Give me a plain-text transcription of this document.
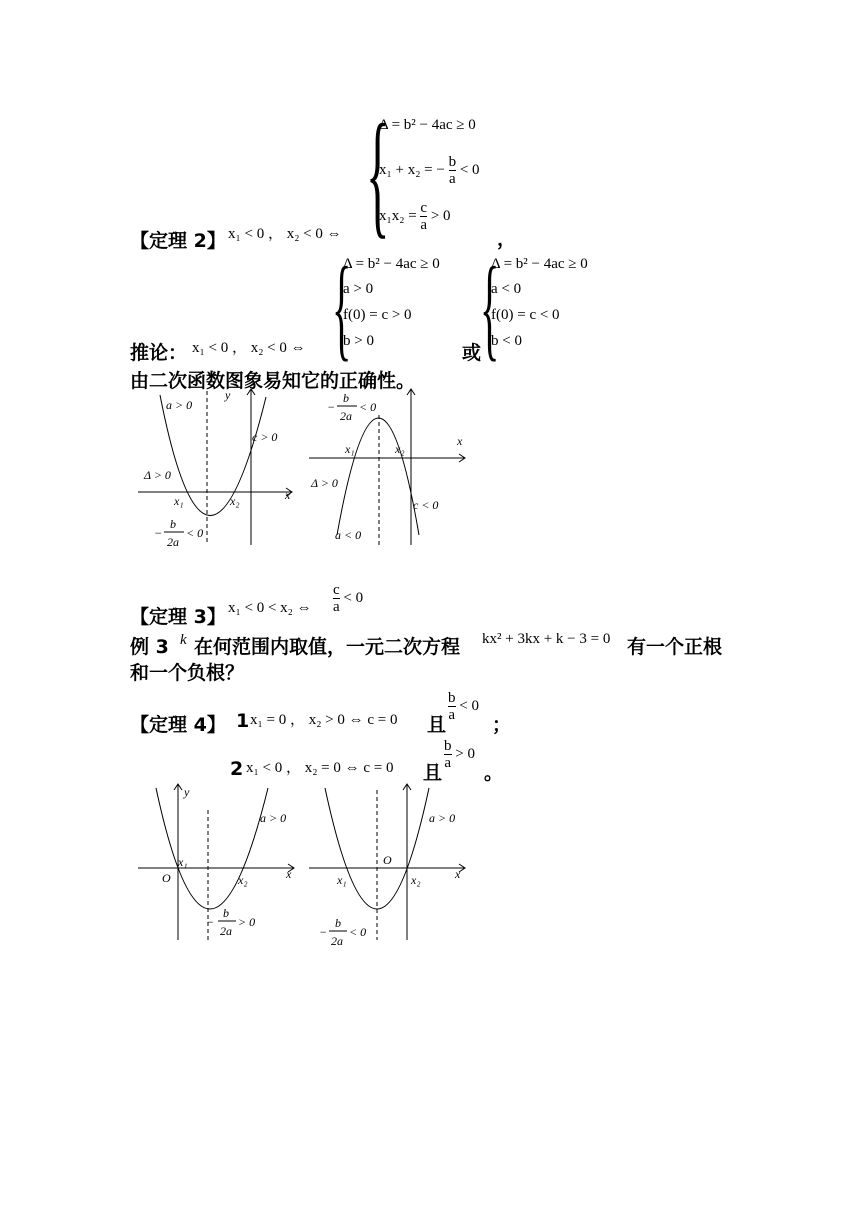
{
Δ = b² − 4ac ≥ 0
x₁ + x₂ = − $\frac{b}{a} < 0$
$x_1x_2 = \frac{c}{a} > 0$
【定理 2】 x₁ < 0 ， x₂ < 0 ⇔	，
{
Δ = b² − 4ac ≥ 0
a > 0
f(0) = c > 0
b > 0 {
Δ = b² − 4ac ≥ 0
a < 0
f(0) = c < 0
b < 0
推论： x₁ < 0 ， x₂ < 0 ⇔	或
由二次函数图象易知它的正确性。
a > 0
y
c > 0
Δ > 0
x₁	x₂	x
−
b
2a
< 0
−
b
2a
< 0
x
x₁	x₂
Δ > 0
c < 0
a < 0
【定理 3】 x₁ < 0 < x₂ ⇔ $\frac{c}{a} < 0$
例 3 k 在何范围内取值，一元二次方程 kx² + 3kx + k − 3 = 0 有一个正根
和一个负根？
【定理 4】 1 x₁ = 0 ， x₂ > 0 ⇔ c = 0 且
$\frac{b}{a} < 0$
；
2 x₁ < 0 ， x₂ = 0 ⇔ c = 0 且
$\frac{b}{a} > 0$
。
y
a > 0
x₁
O	x₂	x
−
b
2a
> 0
a > 0
O
x₁	x₂	x
−
b
2a
< 0
